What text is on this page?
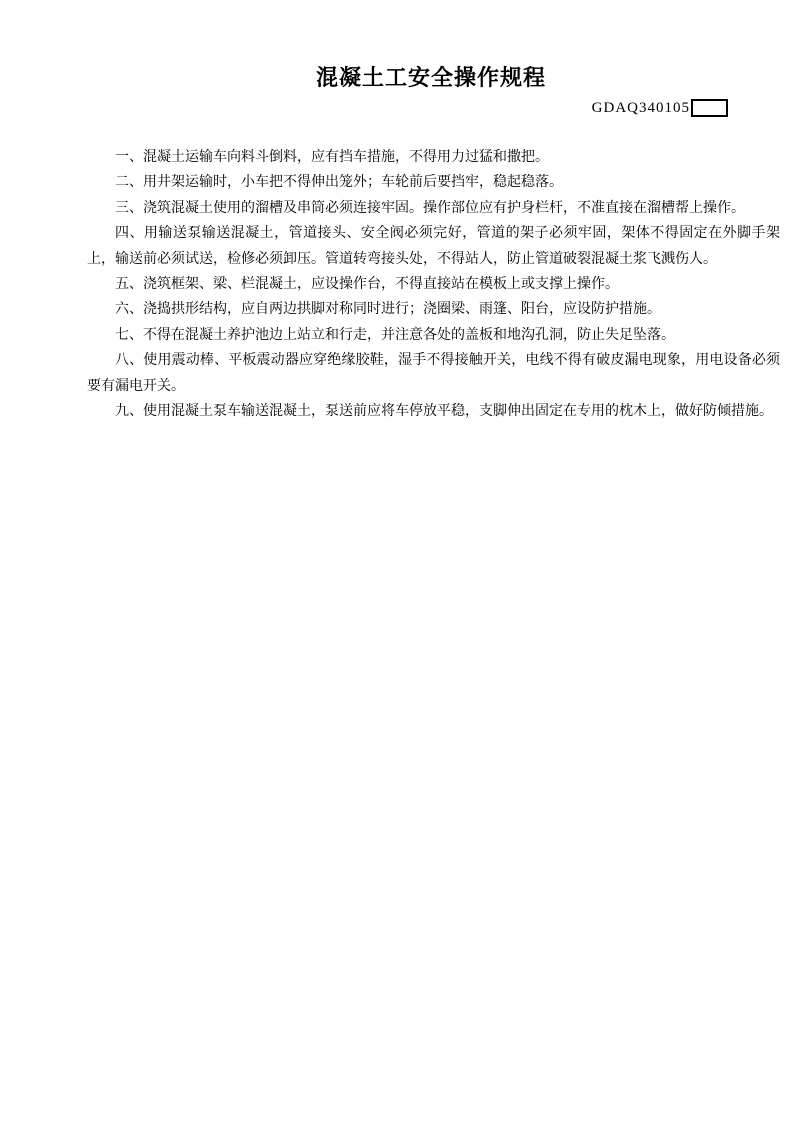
混凝土工安全操作规程
GDAQ340105

一、混凝土运输车向料斗倒料，应有挡车措施，不得用力过猛和撒把。

二、用井架运输时，小车把不得伸出笼外；车轮前后要挡牢，稳起稳落。

三、浇筑混凝土使用的溜槽及串筒必须连接牢固。操作部位应有护身栏杆，不准直接在溜槽帮上操作。

四、用输送泵输送混凝土，管道接头、安全阀必须完好，管道的架子必须牢固，架体不得固定在外脚手架上，输送前必须试送，检修必须卸压。管道转弯接头处，不得站人，防止管道破裂混凝土浆飞溅伤人。

五、浇筑框架、梁、栏混凝土，应设操作台，不得直接站在模板上或支撑上操作。

六、浇捣拱形结构，应自两边拱脚对称同时进行；浇圈梁、雨篷、阳台，应设防护措施。

七、不得在混凝土养护池边上站立和行走，并注意各处的盖板和地沟孔洞，防止失足坠落。

八、使用震动棒、平板震动器应穿绝缘胶鞋，湿手不得接触开关，电线不得有破皮漏电现象，用电设备必须要有漏电开关。

九、使用混凝土泵车输送混凝土，泵送前应将车停放平稳，支脚伸出固定在专用的枕木上，做好防倾措施。
